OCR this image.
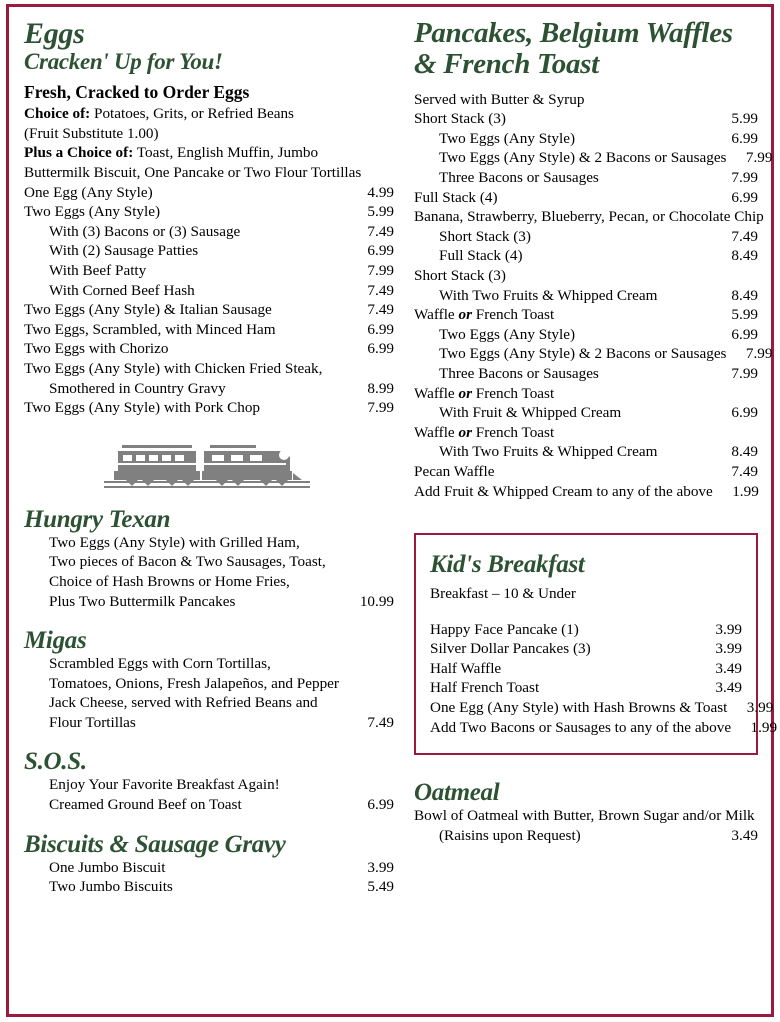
Eggs
Cracken' Up for You!
Fresh, Cracked to Order Eggs
Choice of: Potatoes, Grits, or Refried Beans
(Fruit Substitute 1.00)
Plus a Choice of: Toast, English Muffin, Jumbo
Buttermilk Biscuit, One Pancake or Two Flour Tortillas
One Egg (Any Style)	4.99
Two Eggs (Any Style)	5.99
With (3) Bacons or (3) Sausage	7.49
With (2) Sausage Patties	6.99
With Beef Patty	7.99
With Corned Beef Hash	7.49
Two Eggs (Any Style) & Italian Sausage	7.49
Two Eggs, Scrambled, with Minced Ham	6.99
Two Eggs with Chorizo	6.99
Two Eggs (Any Style) with Chicken Fried Steak,
Smothered in Country Gravy	8.99
Two Eggs (Any Style) with Pork Chop	7.99
Hungry Texan
Two Eggs (Any Style) with Grilled Ham,
Two pieces of Bacon & Two Sausages, Toast,
Choice of Hash Browns or Home Fries,
Plus Two Buttermilk Pancakes	10.99
Migas
Scrambled Eggs with Corn Tortillas,
Tomatoes, Onions, Fresh Jalapeños, and Pepper
Jack Cheese, served with Refried Beans and
Flour Tortillas	7.49
S.O.S.
Enjoy Your Favorite Breakfast Again!
Creamed Ground Beef on Toast	6.99
Biscuits & Sausage Gravy
One Jumbo Biscuit	3.99
Two Jumbo Biscuits	5.49
Pancakes, Belgium Waffles
& French Toast
Served with Butter & Syrup
Short Stack (3)	5.99
Two Eggs (Any Style)	6.99
Two Eggs (Any Style) & 2 Bacons or Sausages	7.99
Three Bacons or Sausages	7.99
Full Stack (4)	6.99
Banana, Strawberry, Blueberry, Pecan, or Chocolate Chip
Short Stack (3)	7.49
Full Stack (4)	8.49
Short Stack (3)
With Two Fruits & Whipped Cream	8.49
Waffle or French Toast	5.99
Two Eggs (Any Style)	6.99
Two Eggs (Any Style) & 2 Bacons or Sausages	7.99
Three Bacons or Sausages	7.99
Waffle or French Toast
With Fruit & Whipped Cream	6.99
Waffle or French Toast
With Two Fruits & Whipped Cream	8.49
Pecan Waffle	7.49
Add Fruit & Whipped Cream to any of the above	1.99
Kid's Breakfast
Breakfast – 10 & Under
Happy Face Pancake (1)	3.99
Silver Dollar Pancakes (3)	3.99
Half Waffle	3.49
Half French Toast	3.49
One Egg (Any Style) with Hash Browns & Toast	3.99
Add Two Bacons or Sausages to any of the above	1.99
Oatmeal
Bowl of Oatmeal with Butter, Brown Sugar and/or Milk
(Raisins upon Request)	3.49
